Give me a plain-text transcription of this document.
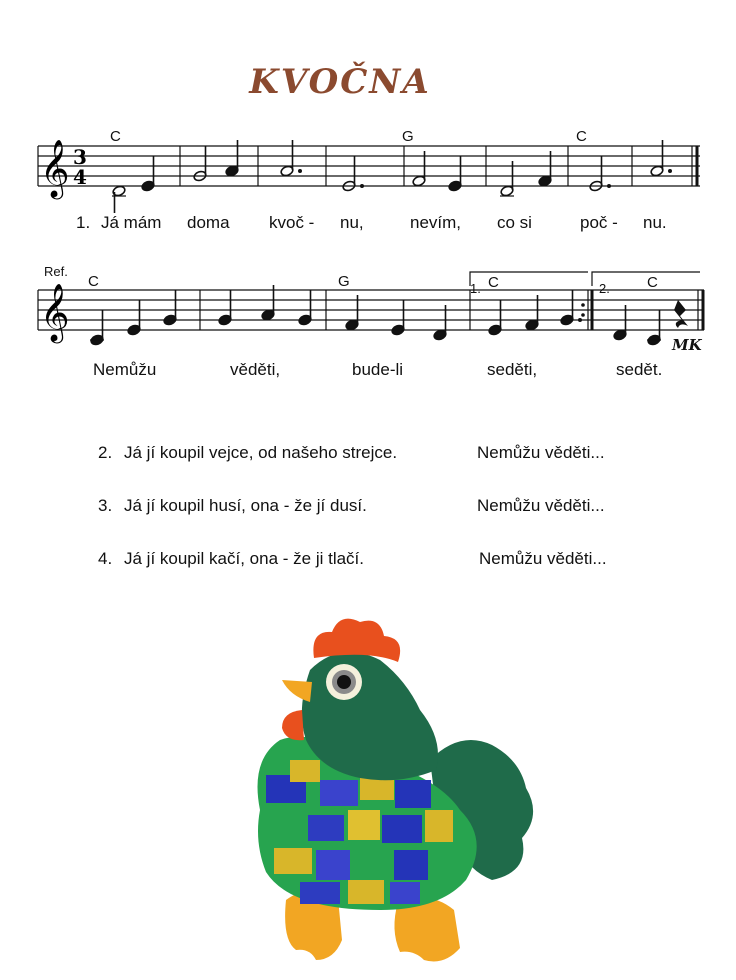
KVOČNA
𝄞 3
4
C	G	C
1. Já mám doma kvoč - nu,	nevím, co si	poč - nu.
Ref.
𝄞
C	G	1. C	2. C
MK
Nemůžu	věděti,	bude-li	seděti,	sedět.
2. Já jí koupil vejce, od našeho strejce.	Nemůžu věděti...
3. Já jí koupil husí, ona - že jí dusí.	Nemůžu věděti...
4. Já jí koupil kačí, ona - že ji tlačí.	Nemůžu věděti...
